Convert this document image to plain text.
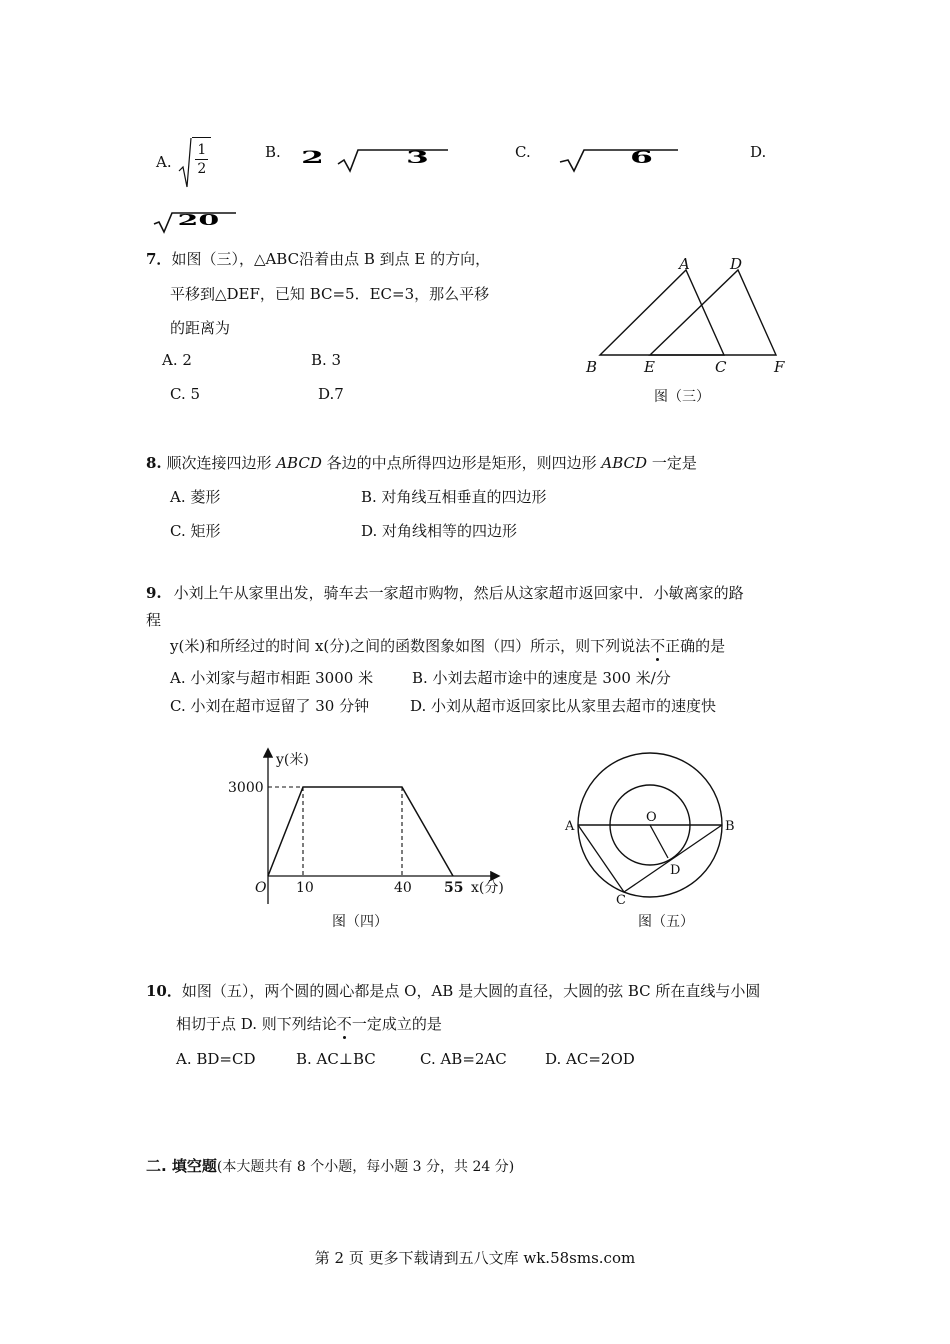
A. $\frac{1}{2}$	B. 2	3	C.	6	D.
20
7．如图（三），△ABC沿着由点 B 到点 E 的方向，
平移到△DEF，已知 BC=5．EC=3，那么平移
的距离为
A. 2	B. 3
C. 5	D.7
A	D
B	E	C	F
图（三）
8. 顺次连接四边形 ABCD 各边的中点所得四边形是矩形，则四边形 ABCD 一定是
A. 菱形	B. 对角线互相垂直的四边形
C. 矩形	D. 对角线相等的四边形
9. 小刘上午从家里出发，骑车去一家超市购物，然后从这家超市返回家中．小敏离家的路
程
y(米)和所经过的时间 x(分)之间的函数图象如图（四）所示，则下列说法不正确的是
A. 小刘家与超市相距 3000 米	B. 小刘去超市途中的速度是 300 米/分
C. 小刘在超市逗留了 30 分钟	D. 小刘从超市返回家比从家里去超市的速度快
y(米)
3000
O 10	40 55 x(分)
图（四）
A	B
O
D
C
图（五）
10．如图（五），两个圆的圆心都是点 O，AB 是大圆的直径，大圆的弦 BC 所在直线与小圆
相切于点 D. 则下列结论不一定成立的是
A. BD=CD	B. AC⊥BC	C. AB=2AC	D. AC=2OD
二. 填空题(本大题共有 8 个小题，每小题 3 分，共 24 分)
第 2 页 更多下载请到五八文库 wk.58sms.com
